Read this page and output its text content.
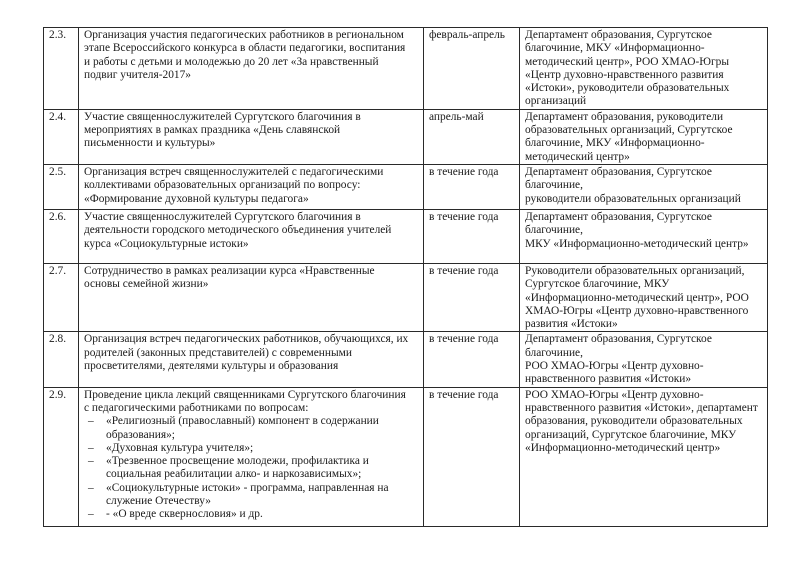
2.3.	Организация участия педагогических работников в региональном
этапе Всероссийского конкурса в области педагогики, воспитания
и работы с детьми и молодежью до 20 лет «За нравственный
подвиг учителя-2017»
	февраль-апрель	Департамент образования, Сургутское
благочиние, МКУ «Информационно-
методический центр», РОО ХМАО-Югры
«Центр духовно-нравственного развития
«Истоки», руководители образовательных
организаций

2.4.	Участие священнослужителей Сургутского благочиния в
мероприятиях в рамках праздника «День славянской
письменности и культуры»	апрель-май	Департамент образования, руководители
образовательных организаций, Сургутское
благочиние, МКУ «Информационно-
методический центр»

2.5.	Организация встреч священнослужителей с педагогическими
коллективами образовательных организаций по вопросу:
«Формирование духовной культуры педагога»	в течение года	Департамент образования, Сургутское
благочиние,
руководители образовательных организаций

2.6.	Участие священнослужителей Сургутского благочиния в
деятельности городского методического объединения учителей
курса «Социокультурные истоки»	в течение года	Департамент образования, Сургутское
благочиние,
МКУ «Информационно-методический центр»

2.7.	Сотрудничество в рамках реализации курса «Нравственные
основы семейной жизни»	в течение года	Руководители образовательных организаций,
Сургутское благочиние, МКУ
«Информационно-методический центр», РОО
ХМАО-Югры «Центр духовно-нравственного
развития «Истоки»

2.8.	Организация встреч педагогических работников, обучающихся, их
родителей (законных представителей) с современными
просветителями, деятелями культуры и образования	в течение года	Департамент образования, Сургутское
благочиние,
РОО ХМАО-Югры «Центр духовно-
нравственного развития «Истоки»

2.9.	Проведение цикла лекций священниками Сургутского благочиния
с педагогическими работниками по вопросам:
– «Религиозный (православный) компонент в содержании
образования»;
– «Духовная культура учителя»;
– «Трезвенное просвещение молодежи, профилактика и
социальная реабилитации алко- и наркозависимых»;
– «Социокультурные истоки» - программа, направленная на
служение Отечеству»
– - «О вреде сквернословия» и др.
	в течение года	РОО ХМАО-Югры «Центр духовно-
нравственного развития «Истоки», департамент
образования, руководители образовательных
организаций, Сургутское благочиние, МКУ
«Информационно-методический центр»
